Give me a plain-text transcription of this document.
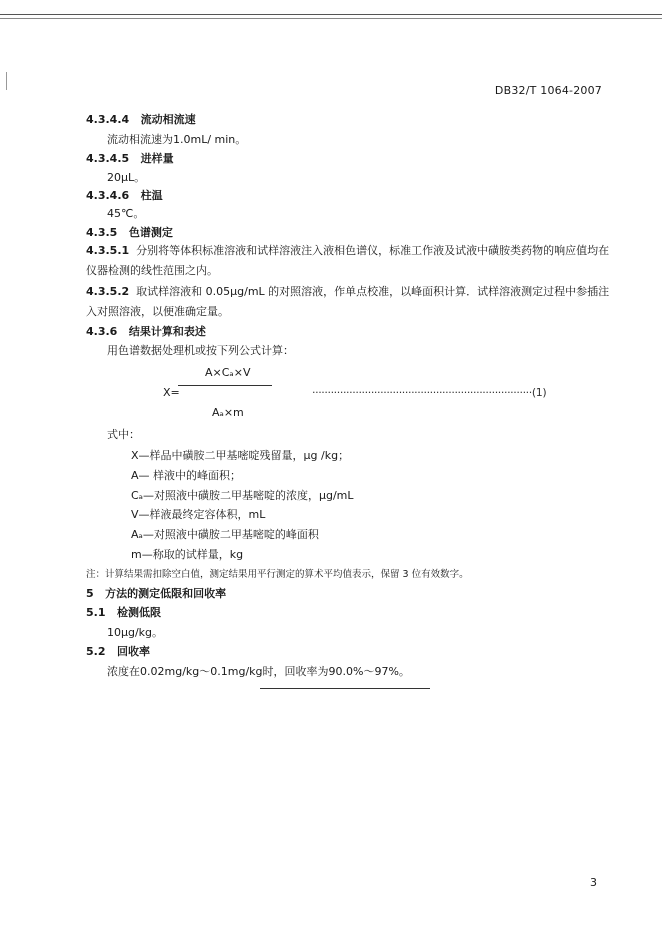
DB32/T 1064-2007
4.3.4.4 流动相流速
流动相流速为1.0mL/ min。
4.3.4.5 进样量
20μL。
4.3.4.6 柱温
45℃。
4.3.5 色谱测定
4.3.5.1 分别将等体积标准溶液和试样溶液注入液相色谱仪，标准工作液及试液中磺胺类药物的响应值均在仪器检测的线性范围之内。
4.3.5.2 取试样溶液和 0.05μg/mL 的对照溶液，作单点校准，以峰面积计算．试样溶液测定过程中参插注入对照溶液，以便准确定量。
4.3.6 结果计算和表述
用色谱数据处理机或按下列公式计算：
X=
A×Cₐ×V
Aₐ×m
·······································································(1)
式中：
X—样品中磺胺二甲基嘧啶残留量，μg /kg；
A— 样液中的峰面积；
Cₐ—对照液中磺胺二甲基嘧啶的浓度，μg/mL
V—样液最终定容体积，mL
Aₐ—对照液中磺胺二甲基嘧啶的峰面积
m—称取的试样量，kg
注：计算结果需扣除空白值，测定结果用平行测定的算术平均值表示，保留 3 位有效数字。
5 方法的测定低限和回收率
5.1 检测低限
10μg/kg。
5.2 回收率
浓度在0.02mg/kg～0.1mg/kg时，回收率为90.0%～97%。
3
